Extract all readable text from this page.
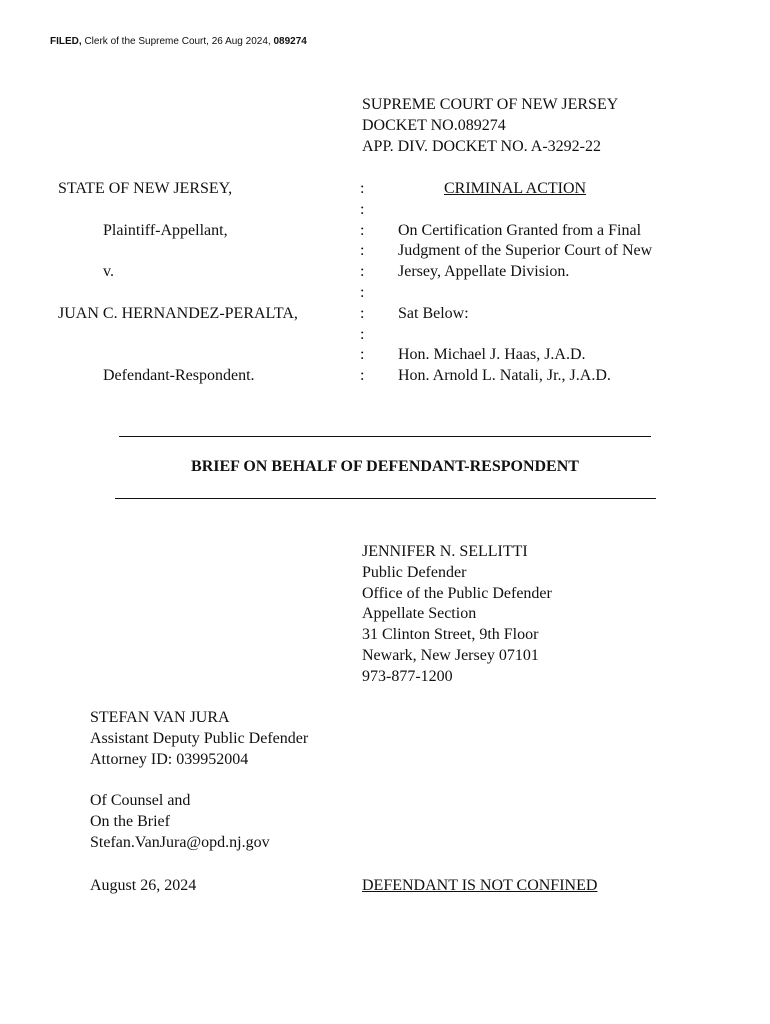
FILED, Clerk of the Supreme Court, 26 Aug 2024, 089274
SUPREME COURT OF NEW JERSEY
DOCKET NO.089274
APP. DIV. DOCKET NO. A-3292-22
STATE OF NEW JERSEY,
Plaintiff-Appellant,
v.
JUAN C. HERNANDEZ-PERALTA,
Defendant-Respondent.
:
:
:
:
:
:
:
:
:
:
CRIMINAL ACTION
On Certification Granted from a Final
Judgment of the Superior Court of New
Jersey, Appellate Division.
Sat Below:
Hon. Michael J. Haas, J.A.D.
Hon. Arnold L. Natali, Jr., J.A.D.
BRIEF ON BEHALF OF DEFENDANT-RESPONDENT
JENNIFER N. SELLITTI
Public Defender
Office of the Public Defender
Appellate Section
31 Clinton Street, 9th Floor
Newark, New Jersey 07101
973-877-1200
STEFAN VAN JURA
Assistant Deputy Public Defender
Attorney ID: 039952004
Of Counsel and
On the Brief
Stefan.VanJura@opd.nj.gov
August 26, 2024	DEFENDANT IS NOT CONFINED
